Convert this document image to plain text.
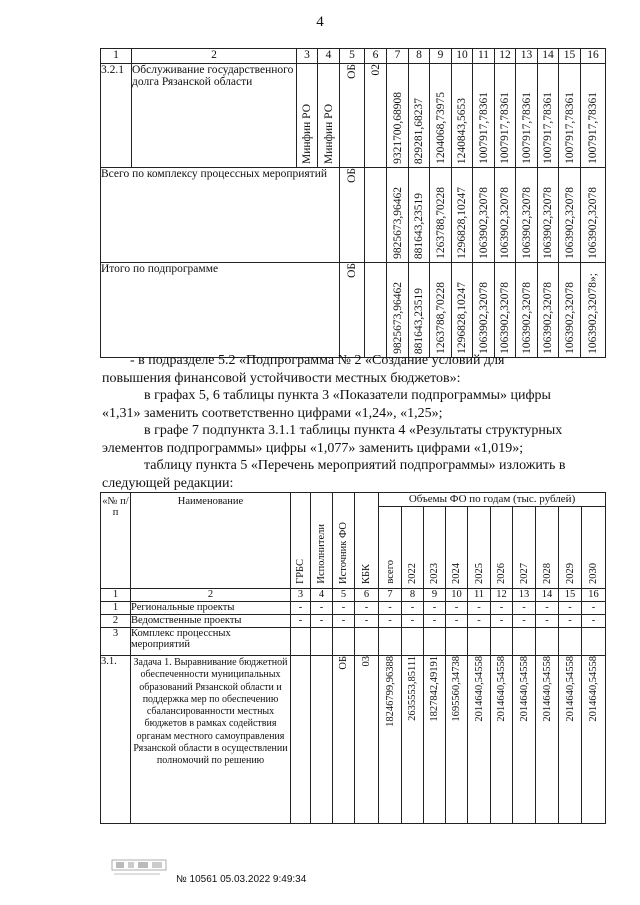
4
1	2	3	4	5	6	7	8	9	10	11	12	13	14	15	16
3.2.1	Обслуживание государственного долга Рязанской области	Минфин РО	Минфин РО	ОБ	02	9321700,68908	829281,68237	1204068,73975	1240843,5653	1007917,78361	1007917,78361	1007917,78361	1007917,78361	1007917,78361	1007917,78361

Всего по комплексу процессных мероприятий				ОБ		9825673,96462	881643,23519	1263788,70228	1296828,10247	1063902,32078	1063902,32078	1063902,32078	1063902,32078	1063902,32078	1063902,32078

Итого по подпрограмме				ОБ		9825673,96462	881643,23519	1263788,70228	1296828,10247	1063902,32078	1063902,32078	1063902,32078	1063902,32078	1063902,32078	1063902,32078»;
- в подразделе 5.2 «Подпрограмма № 2 «Создание условий для
повышения финансовой устойчивости местных бюджетов»:
в графах 5, 6 таблицы пункта 3 «Показатели подпрограммы» цифры
«1,31» заменить соответственно цифрами «1,24», «1,25»;
в графе 7 подпункта 3.1.1 таблицы пункта 4 «Результаты структурных
элементов подпрограммы» цифры «1,077» заменить цифрами «1,019»;
таблицу пункта 5 «Перечень мероприятий подпрограммы» изложить в
следующей редакции:
«№ п/п	Наименование	ГРБС	Исполнители	Источник ФО	КБК	Объемы ФО по годам (тыс. рублей)									

						всего	2022	2023	2024	2025	2026	2027	2028	2029	2030

1	2	3	4	5	6	7	8	9	10	11	12	13	14	15	16
1	Региональные проекты	-	-	-	-	-	-	-	-	-	-	-	-	-	-
2	Ведомственные проекты	-	-	-	-	-	-	-	-	-	-	-	-	-	-
3	Комплекс процессных мероприятий														
3.1.	Задача 1. Выравнивание бюджетной обеспеченности муниципальных образований Рязанской области и поддержка мер по обеспечению сбалансированности местных бюджетов в рамках содействия органам местного самоуправления Рязанской области в осуществлении полномочий по решению			ОБ	03	18246799,96388	2635553,85111	1827842,49191	1695560,34738	2014640,54558	2014640,54558	2014640,54558	2014640,54558	2014640,54558	2014640,54558
№ 10561 05.03.2022 9:49:34
